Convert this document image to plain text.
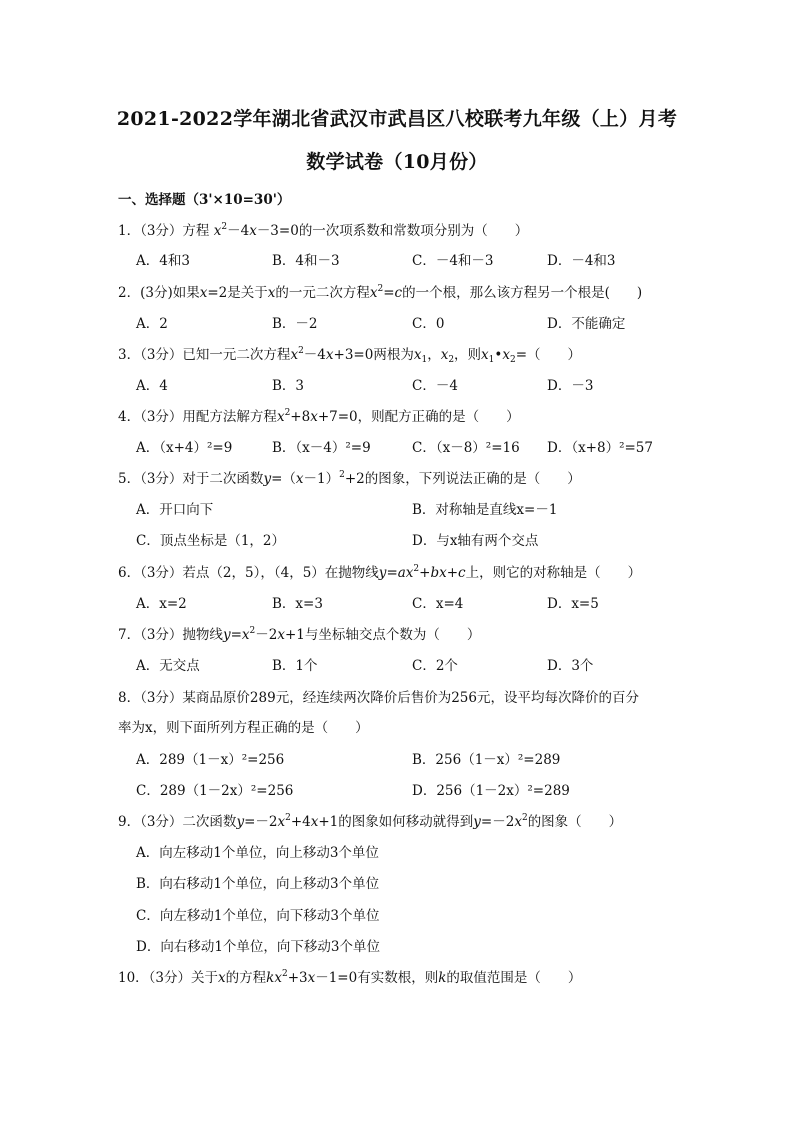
2021-2022学年湖北省武汉市武昌区八校联考九年级（上）月考
数学试卷（10月份）
一、选择题（3'×10=30'）
1．（3分）方程 $x^2-4x-3=0$的一次项系数和常数项分别为（　　）
A．4和3	B．4和－3	C．－4和－3	D．－4和3
2．(3分)如果x=2是关于x的一元二次方程$x^2=c$的一个根，那么该方程另一个根是(　　)
A．2	B．－2	C．0	D．不能确定
3．（3分）已知一元二次方程$x^2-4x+3=0$两根为$x_1$，$x_2$，则$x_1•x_2=$（　　）
A．4	B．3	C．－4	D．－3
4．（3分）用配方法解方程$x^2+8x+7=0$，则配方正确的是（　　）
A．（x+4）²=9	B．（x－4）²=9	C．（x－8）²=16 D．（x+8）²=57
5．（3分）对于二次函数$y=(x-1)^2+2$的图象，下列说法正确的是（　　）
A．开口向下	B．对称轴是直线x=－1
C．顶点坐标是（1，2）	D．与x轴有两个交点
6．（3分）若点（2，5），（4，5）在抛物线$y=ax^2+bx+c$上，则它的对称轴是（　　）
A．x=2	B．x=3	C．x=4	D．x=5
7．（3分）抛物线$y=x^2-2x+1$与坐标轴交点个数为（　　）
A．无交点	B．1个	C．2个	D．3个
8．（3分）某商品原价289元，经连续两次降价后售价为256元，设平均每次降价的百分
率为x，则下面所列方程正确的是（　　）
A．289（1－x）²=256	B．256（1－x）²=289
C．289（1－2x）²=256	D．256（1－2x）²=289
9．（3分）二次函数$y=-2x^2+4x+1$的图象如何移动就得到$y=-2x^2$的图象（　　）
A．向左移动1个单位，向上移动3个单位
B．向右移动1个单位，向上移动3个单位
C．向左移动1个单位，向下移动3个单位
D．向右移动1个单位，向下移动3个单位
10．（3分）关于x的方程$kx^2+3x-1=0$有实数根，则k的取值范围是（　　）
